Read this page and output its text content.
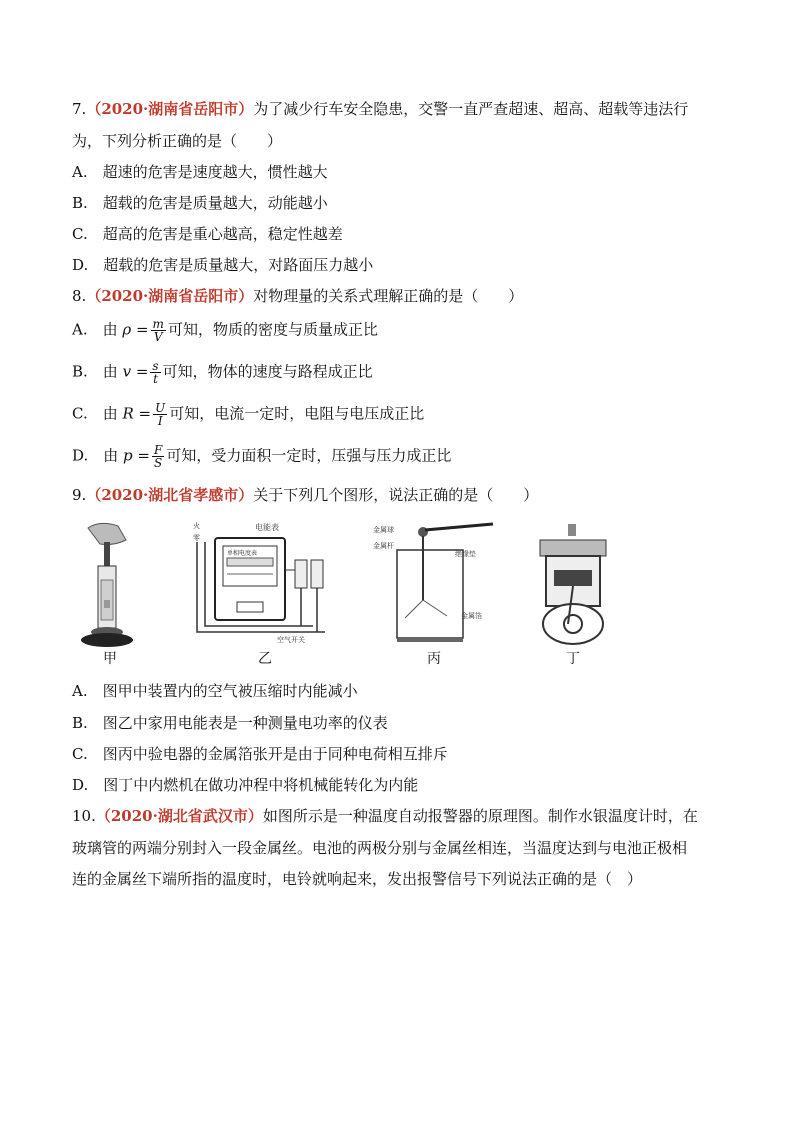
7.（2020·湖南省岳阳市）为了减少行车安全隐患，交警一直严查超速、超高、超载等违法行
为，下列分析正确的是（　　）
A.　超速的危害是速度越大，惯性越大
B.　超载的危害是质量越大，动能越小
C.　超高的危害是重心越高，稳定性越差
D.　超载的危害是质量越大，对路面压力越小
8.（2020·湖南省岳阳市）对物理量的关系式理解正确的是（　　）
A.　由 $\rho = \frac{m}{V}$ 可知，物质的密度与质量成正比
B.　由 $v = \frac{s}{t}$ 可知，物体的速度与路程成正比
C.　由 $R = \frac{U}{I}$ 可知，电流一定时，电阻与电压成正比
D.　由 $p = \frac{F}{S}$ 可知，受力面积一定时，压强与压力成正比
9.（2020·湖北省孝感市）关于下列几个图形，说法正确的是（　　）
火
零
电能表
单相电度表
空气开关
金属球
金属杆
绝缘垫
金属箔
甲	乙	丙	丁
A.　图甲中装置内的空气被压缩时内能减小
B.　图乙中家用电能表是一种测量电功率的仪表
C.　图丙中验电器的金属箔张开是由于同种电荷相互排斥
D.　图丁中内燃机在做功冲程中将机械能转化为内能
10.（2020·湖北省武汉市）如图所示是一种温度自动报警器的原理图。制作水银温度计时，在
玻璃管的两端分别封入一段金属丝。电池的两极分别与金属丝相连，当温度达到与电池正极相
连的金属丝下端所指的温度时，电铃就响起来，发出报警信号下列说法正确的是（　）
